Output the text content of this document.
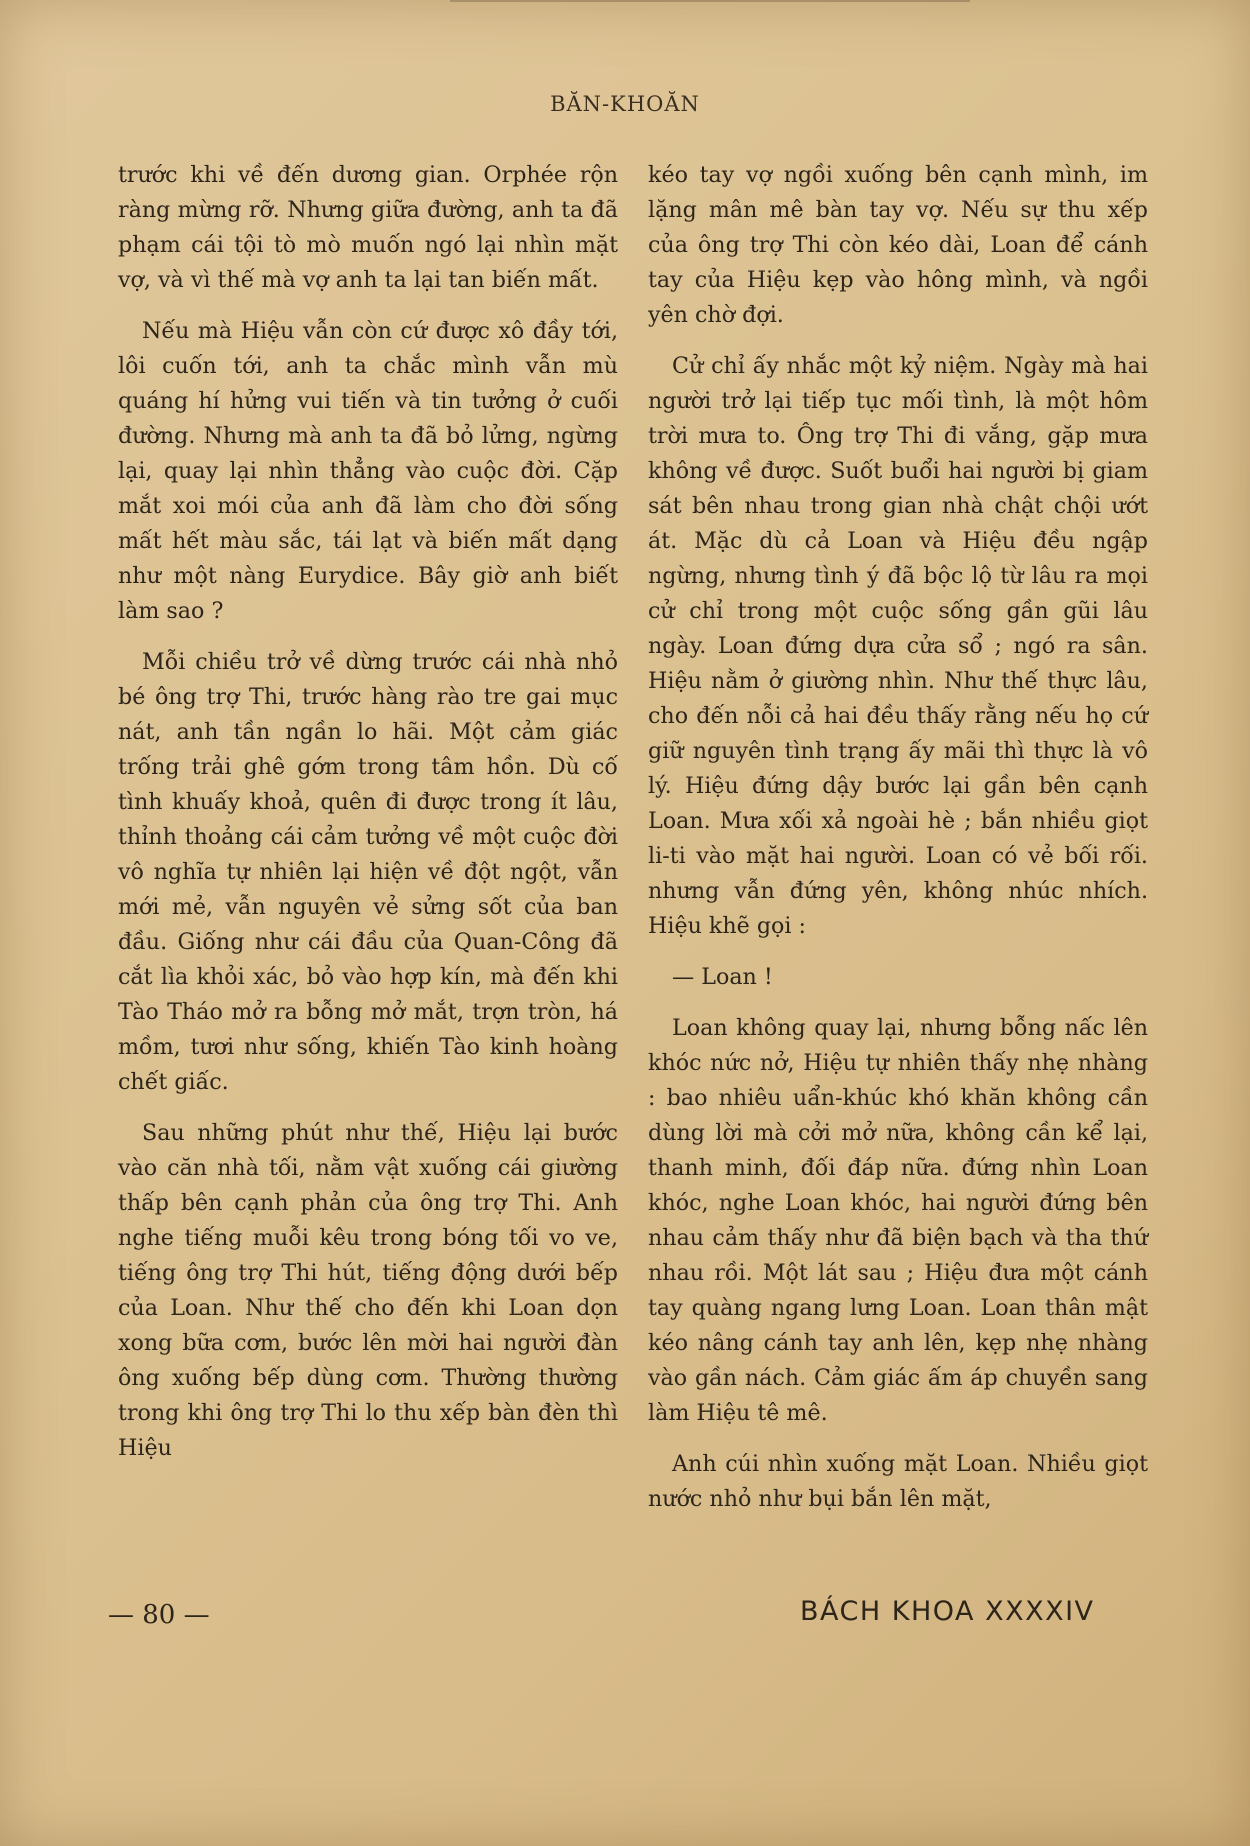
BĂN-KHOĂN

trước khi về đến dương gian. Orphée rộn ràng mừng rỡ. Nhưng giữa đường, anh ta đã phạm cái tội tò mò muốn ngó lại nhìn mặt vợ, và vì thế mà vợ anh ta lại tan biến mất.

Nếu mà Hiệu vẫn còn cứ được xô đầy tới, lôi cuốn tới, anh ta chắc mình vẫn mù quáng hí hửng vui tiến và tin tưởng ở cuối đường. Nhưng mà anh ta đã bỏ lửng, ngừng lại, quay lại nhìn thẳng vào cuộc đời. Cặp mắt xoi mói của anh đã làm cho đời sống mất hết màu sắc, tái lạt và biến mất dạng như một nàng Eurydice. Bây giờ anh biết làm sao ?

Mỗi chiều trở về dừng trước cái nhà nhỏ bé ông trợ Thi, trước hàng rào tre gai mục nát, anh tần ngần lo hãi. Một cảm giác trống trải ghê gớm trong tâm hồn. Dù cố tình khuấy khoả, quên đi được trong ít lâu, thỉnh thoảng cái cảm tưởng về một cuộc đời vô nghĩa tự nhiên lại hiện về đột ngột, vẫn mới mẻ, vẫn nguyên vẻ sửng sốt của ban đầu. Giống như cái đầu của Quan-Công đã cắt lìa khỏi xác, bỏ vào hợp kín, mà đến khi Tào Tháo mở ra bỗng mở mắt, trợn tròn, há mồm, tươi như sống, khiến Tào kinh hoàng chết giấc.

Sau những phút như thế, Hiệu lại bước vào căn nhà tối, nằm vật xuống cái giường thấp bên cạnh phản của ông trợ Thi. Anh nghe tiếng muỗi kêu trong bóng tối vo ve, tiếng ông trợ Thi hút, tiếng động dưới bếp của Loan. Như thế cho đến khi Loan dọn xong bữa cơm, bước lên mời hai người đàn ông xuống bếp dùng cơm. Thường thường trong khi ông trợ Thi lo thu xếp bàn đèn thì Hiệu

kéo tay vợ ngồi xuống bên cạnh mình, im lặng mân mê bàn tay vợ. Nếu sự thu xếp của ông trợ Thi còn kéo dài, Loan để cánh tay của Hiệu kẹp vào hông mình, và ngồi yên chờ đợi.

Cử chỉ ấy nhắc một kỷ niệm. Ngày mà hai người trở lại tiếp tục mối tình, là một hôm trời mưa to. Ông trợ Thi đi vắng, gặp mưa không về được. Suốt buổi hai người bị giam sát bên nhau trong gian nhà chật chội ướt át. Mặc dù cả Loan và Hiệu đều ngập ngừng, nhưng tình ý đã bộc lộ từ lâu ra mọi cử chỉ trong một cuộc sống gần gũi lâu ngày. Loan đứng dựa cửa sổ ; ngó ra sân. Hiệu nằm ở giường nhìn. Như thế thực lâu, cho đến nỗi cả hai đều thấy rằng nếu họ cứ giữ nguyên tình trạng ấy mãi thì thực là vô lý. Hiệu đứng dậy bước lại gần bên cạnh Loan. Mưa xối xả ngoài hè ; bắn nhiều giọt li-ti vào mặt hai người. Loan có vẻ bối rối. nhưng vẫn đứng yên, không nhúc nhích. Hiệu khẽ gọi :

— Loan !

Loan không quay lại, nhưng bỗng nấc lên khóc nức nở, Hiệu tự nhiên thấy nhẹ nhàng : bao nhiêu uẩn-khúc khó khăn không cần dùng lời mà cởi mở nữa, không cần kể lại, thanh minh, đối đáp nữa. đứng nhìn Loan khóc, nghe Loan khóc, hai người đứng bên nhau cảm thấy như đã biện bạch và tha thứ nhau rồi. Một lát sau ; Hiệu đưa một cánh tay quàng ngang lưng Loan. Loan thân mật kéo nâng cánh tay anh lên, kẹp nhẹ nhàng vào gần nách. Cảm giác ấm áp chuyền sang làm Hiệu tê mê.

Anh cúi nhìn xuống mặt Loan. Nhiều giọt nước nhỏ như bụi bắn lên mặt,

— 80 —	BÁCH KHOA XXXXIV
